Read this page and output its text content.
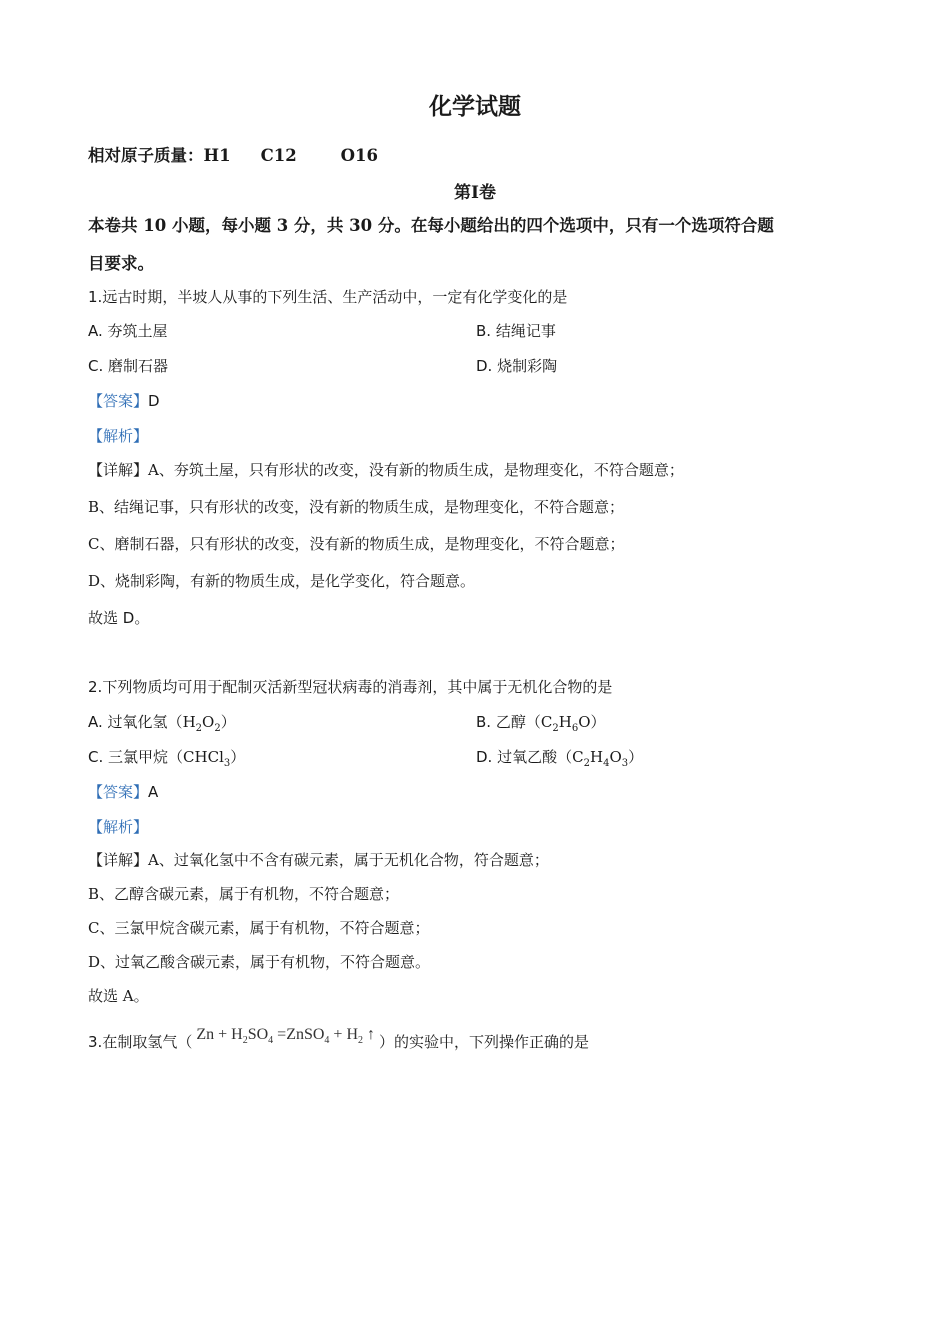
化学试题
相对原子质量：H1 C12	O16
第Ⅰ卷
本卷共 10 小题，每小题 3 分，共 30 分。在每小题给出的四个选项中，只有一个选项符合题
目要求。
1.远古时期，半坡人从事的下列生活、生产活动中，一定有化学变化的是
A. 夯筑土屋	B. 结绳记事
C. 磨制石器	D. 烧制彩陶
【答案】D
【解析】
【详解】A、夯筑土屋，只有形状的改变，没有新的物质生成，是物理变化，不符合题意；
B、结绳记事，只有形状的改变，没有新的物质生成，是物理变化，不符合题意；
C、磨制石器，只有形状的改变，没有新的物质生成，是物理变化，不符合题意；
D、烧制彩陶，有新的物质生成，是化学变化，符合题意。
故选 D。
2.下列物质均可用于配制灭活新型冠状病毒的消毒剂，其中属于无机化合物的是
A. 过氧化氢$(H_2O_2)$	B. 乙醇$(C_2H_6O)$
C. 三氯甲烷（CHCl$_3$）	D. 过氧乙酸$(C_2H_4O_3)$
【答案】A
【解析】
【详解】A、过氧化氢中不含有碳元素，属于无机化合物，符合题意；
B、乙醇含碳元素，属于有机物，不符合题意；
C、三氯甲烷含碳元素，属于有机物，不符合题意；
D、过氧乙酸含碳元素，属于有机物，不符合题意。
故选 A。
3.在制取氢气（ $Zn + H_2SO_4$ =ZnSO$_4$ + $H_2$ ↑ ）的实验中，下列操作正确的是
